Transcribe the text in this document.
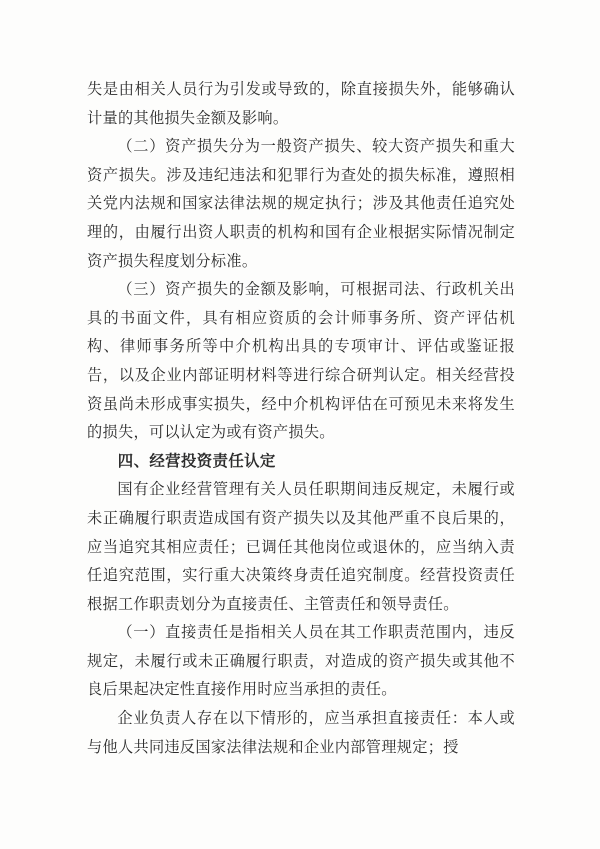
失是由相关人员行为引发或导致的，除直接损失外，能够确认计量的其他损失金额及影响。

（二）资产损失分为一般资产损失、较大资产损失和重大资产损失。涉及违纪违法和犯罪行为查处的损失标准，遵照相关党内法规和国家法律法规的规定执行；涉及其他责任追究处理的，由履行出资人职责的机构和国有企业根据实际情况制定资产损失程度划分标准。

（三）资产损失的金额及影响，可根据司法、行政机关出具的书面文件，具有相应资质的会计师事务所、资产评估机构、律师事务所等中介机构出具的专项审计、评估或鉴证报告，以及企业内部证明材料等进行综合研判认定。相关经营投资虽尚未形成事实损失，经中介机构评估在可预见未来将发生的损失，可以认定为或有资产损失。

四、经营投资责任认定

国有企业经营管理有关人员任职期间违反规定，未履行或未正确履行职责造成国有资产损失以及其他严重不良后果的，应当追究其相应责任；已调任其他岗位或退休的，应当纳入责任追究范围，实行重大决策终身责任追究制度。经营投资责任根据工作职责划分为直接责任、主管责任和领导责任。

（一）直接责任是指相关人员在其工作职责范围内，违反规定，未履行或未正确履行职责，对造成的资产损失或其他不良后果起决定性直接作用时应当承担的责任。

企业负责人存在以下情形的，应当承担直接责任：本人或与他人共同违反国家法律法规和企业内部管理规定；授
